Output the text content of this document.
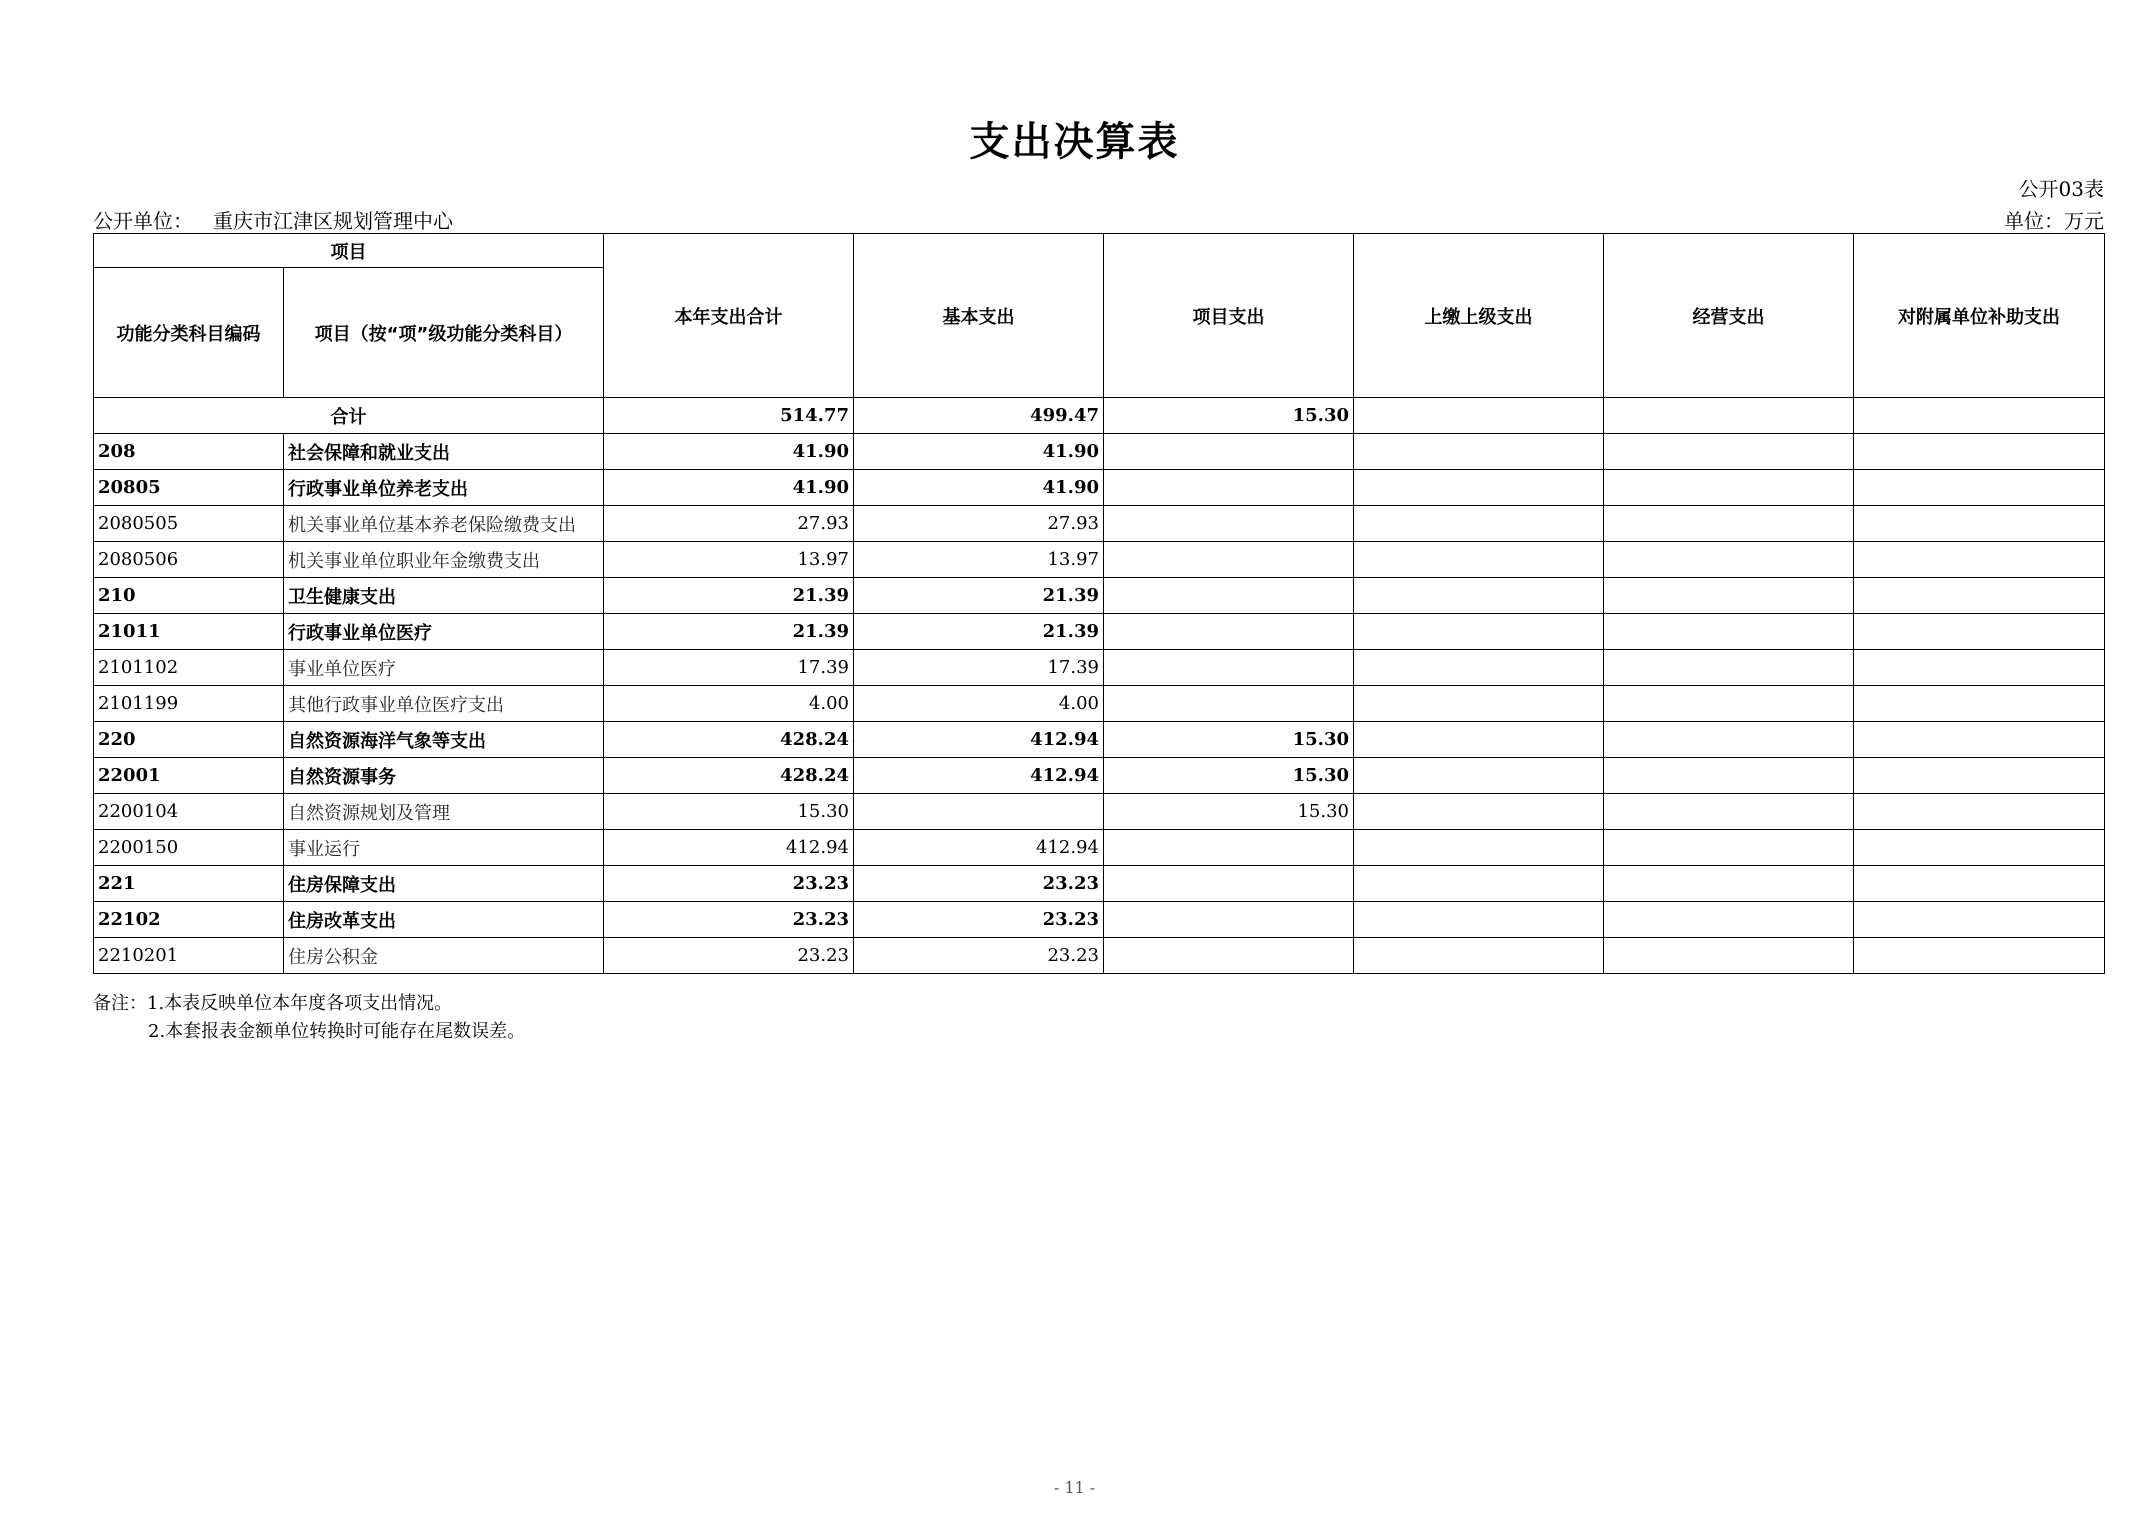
支出决算表
公开03表
公开单位： 重庆市江津区规划管理中心	单位：万元
项目		本年支出合计	基本支出	项目支出	上缴上级支出	经营支出	对附属单位补助支出
功能分类科目编码	项目（按“项”级功能分类科目）						
合计		514.77	499.47	15.30			
208	社会保障和就业支出	41.90	41.90				
20805	行政事业单位养老支出	41.90	41.90				
2080505	机关事业单位基本养老保险缴费支出	27.93	27.93				
2080506	机关事业单位职业年金缴费支出	13.97	13.97				
210	卫生健康支出	21.39	21.39				
21011	行政事业单位医疗	21.39	21.39				
2101102	事业单位医疗	17.39	17.39				
2101199	其他行政事业单位医疗支出	4.00	4.00				
220	自然资源海洋气象等支出	428.24	412.94	15.30			
22001	自然资源事务	428.24	412.94	15.30			
2200104	自然资源规划及管理	15.30		15.30			
2200150	事业运行	412.94	412.94				
221	住房保障支出	23.23	23.23				
22102	住房改革支出	23.23	23.23				
2210201	住房公积金	23.23	23.23				
备注：1.本表反映单位本年度各项支出情况。
2.本套报表金额单位转换时可能存在尾数误差。
- 11 -
